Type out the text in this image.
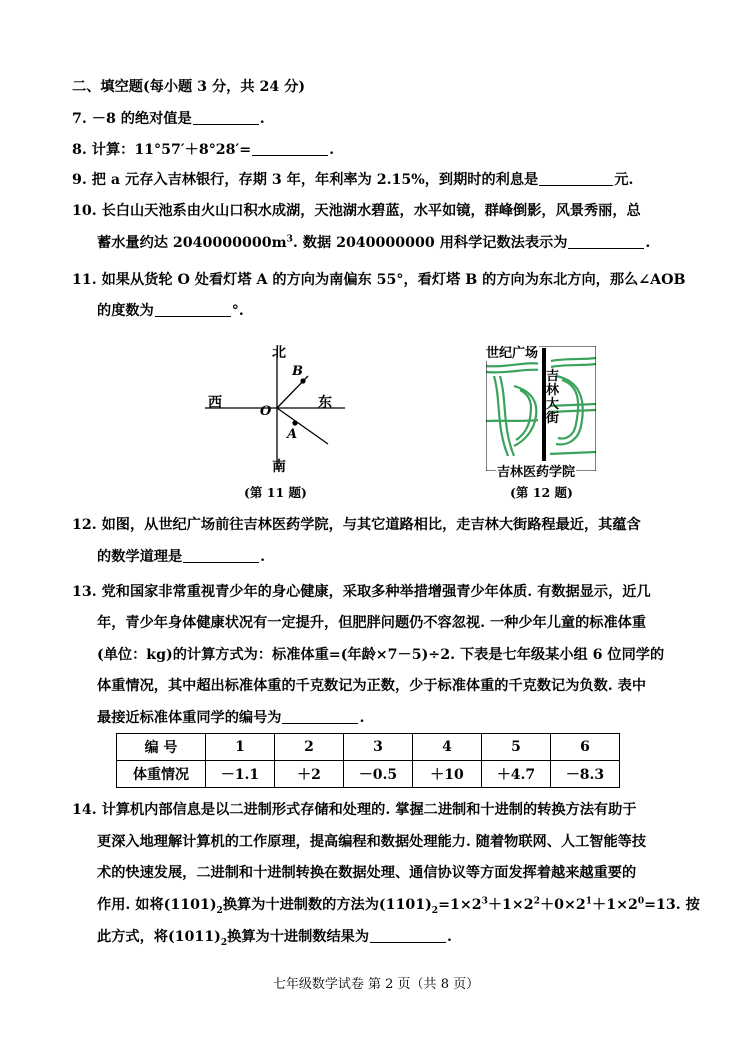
二、填空题(每小题 3 分，共 24 分)
7. －8 的绝对值是	.
8. 计算：11°57′＋8°28′=	.
9. 把 a 元存入吉林银行，存期 3 年，年利率为 2.15%，到期时的利息是	元.
10. 长白山天池系由火山口积水成湖，天池湖水碧蓝，水平如镜，群峰倒影，风景秀丽，总
蓄水量约达 $2040000000m^3$. 数据 2040000000 用科学记数法表示为	.
11. 如果从货轮 O 处看灯塔 A 的方向为南偏东 55°，看灯塔 B 的方向为东北方向，那么∠AOB
的度数为	°.
北
南
东
西
O
A
B
(第 11 题)
世纪广场
吉
林
大
街
吉林医药学院
(第 12 题)
12. 如图，从世纪广场前往吉林医药学院，与其它道路相比，走吉林大街路程最近，其蕴含
的数学道理是	.
13. 党和国家非常重视青少年的身心健康，采取多种举措增强青少年体质. 有数据显示，近几
年，青少年身体健康状况有一定提升，但肥胖问题仍不容忽视. 一种少年儿童的标准体重
(单位：kg)的计算方式为：标准体重=(年龄×7－5)÷2. 下表是七年级某小组 6 位同学的
体重情况，其中超出标准体重的千克数记为正数，少于标准体重的千克数记为负数. 表中
最接近标准体重同学的编号为	.
编 号	1	2	3	4	5	6
体重情况	－1.1	＋2	－0.5	＋10	＋4.7	－8.3
14. 计算机内部信息是以二进制形式存储和处理的. 掌握二进制和十进制的转换方法有助于
更深入地理解计算机的工作原理，提高编程和数据处理能力. 随着物联网、人工智能等技
术的快速发展，二进制和十进制转换在数据处理、通信协议等方面发挥着越来越重要的
作用. 如将$(1101)_2$换算为十进制数的方法为$(1101)_2=1\times 2^3+1\times 2^2+0\times 2^1+1\times 2^0=13$. 按
此方式，将$(1011)_2$换算为十进制数结果为	.
七年级数学试卷 第 2 页（共 8 页）
